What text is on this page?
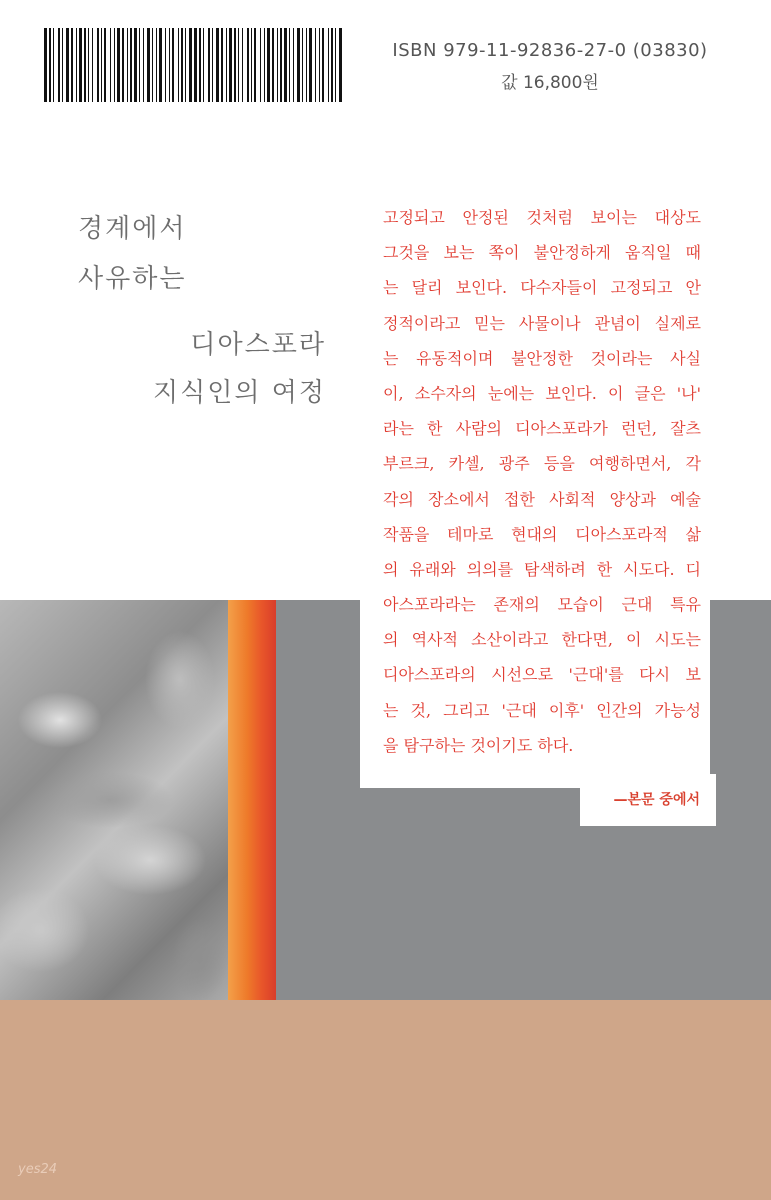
ISBN 979-11-92836-27-0 (03830)
값 16,800원
경계에서
사유하는
디아스포라
지식인의 여정
고정되고 안정된 것처럼 보이는 대상도
그것을 보는 쪽이 불안정하게 움직일 때
는 달리 보인다. 다수자들이 고정되고 안
정적이라고 믿는 사물이나 관념이 실제로
는 유동적이며 불안정한 것이라는 사실
이, 소수자의 눈에는 보인다. 이 글은 '나'
라는 한 사람의 디아스포라가 런던, 잘츠
부르크, 카셀, 광주 등을 여행하면서, 각
각의 장소에서 접한 사회적 양상과 예술
작품을 테마로 현대의 디아스포라적 삶
의 유래와 의의를 탐색하려 한 시도다. 디
아스포라라는 존재의 모습이 근대 특유
의 역사적 소산이라고 한다면, 이 시도는
디아스포라의 시선으로 '근대'를 다시 보
는 것, 그리고 '근대 이후' 인간의 가능성
을 탐구하는 것이기도 하다.
—본문 중에서
yes24
